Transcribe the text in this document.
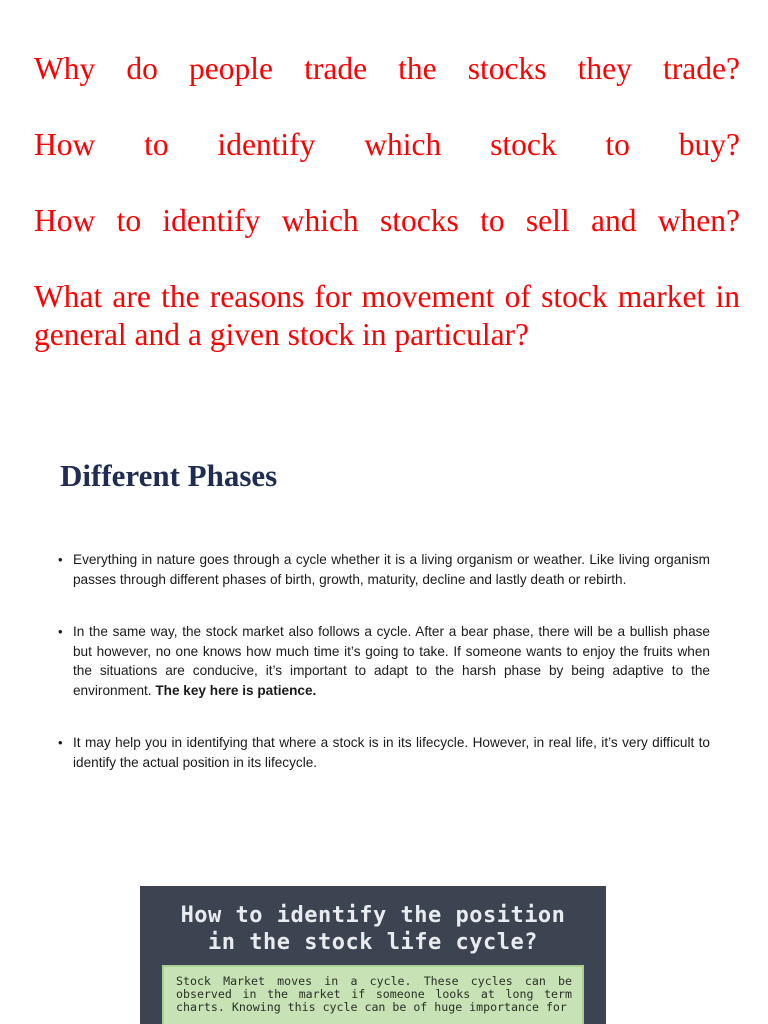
Why do people trade the stocks they trade?

How to identify which stock to buy?

How to identify which stocks to sell and when?

What are the reasons for movement of stock market in general and a given stock in particular?

Different Phases
• Everything in nature goes through a cycle whether it is a living organism or weather. Like living organism passes through different phases of birth, growth, maturity, decline and lastly death or rebirth.
• In the same way, the stock market also follows a cycle. After a bear phase, there will be a bullish phase but however, no one knows how much time it’s going to take. If someone wants to enjoy the fruits when the situations are conducive, it’s important to adapt to the harsh phase by being adaptive to the environment. The key here is patience.
• It may help you in identifying that where a stock is in its lifecycle. However, in real life, it’s very difficult to identify the actual position in its lifecycle.
How to identify the position
in the stock life cycle?
Stock Market moves in a cycle. These cycles can be observed in the market if someone looks at long term charts. Knowing this cycle can be of huge importance for
